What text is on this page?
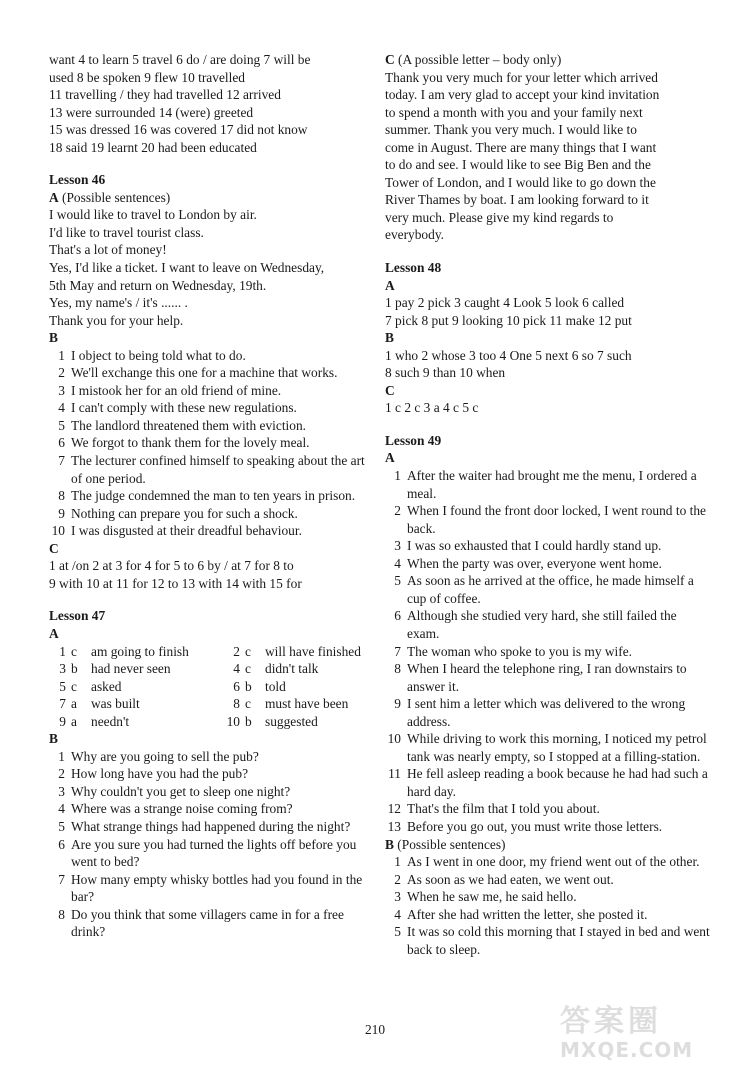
want 4 to learn 5 travel 6 do / are doing 7 will be
used 8 be spoken 9 flew 10 travelled
11 travelling / they had travelled 12 arrived
13 were surrounded 14 (were) greeted
15 was dressed 16 was covered 17 did not know
18 said 19 learnt 20 had been educated
Lesson 46
A (Possible sentences)
I would like to travel to London by air.
I'd like to travel tourist class.
That's a lot of money!
Yes, I'd like a ticket. I want to leave on Wednesday,
5th May and return on Wednesday, 19th.
Yes, my name's / it's ...... .
Thank you for your help.
B
1 I object to being told what to do.
2 We'll exchange this one for a machine that works.
3 I mistook her for an old friend of mine.
4 I can't comply with these new regulations.
5 The landlord threatened them with eviction.
6 We forgot to thank them for the lovely meal.
7 The lecturer confined himself to speaking about the art of one period.
8 The judge condemned the man to ten years in prison.
9 Nothing can prepare you for such a shock.
10 I was disgusted at their dreadful behaviour.
C
1 at /on 2 at 3 for 4 for 5 to 6 by / at 7 for 8 to
9 with 10 at 11 for 12 to 13 with 14 with 15 for
Lesson 47
A
1 c	am going to finish	2 c	will have finished
3 b had never seen	4 c	didn't talk
5 c	asked	6 b told
7 a	was built	8 c	must have been
9 a	needn't	10 b suggested
B
1 Why are you going to sell the pub?
2 How long have you had the pub?
3 Why couldn't you get to sleep one night?
4 Where was a strange noise coming from?
5 What strange things had happened during the night?
6 Are you sure you had turned the lights off before you went to bed?
7 How many empty whisky bottles had you found in the bar?
8 Do you think that some villagers came in for a free drink?
C (A possible letter – body only)
Thank you very much for your letter which arrived
today. I am very glad to accept your kind invitation
to spend a month with you and your family next
summer. Thank you very much. I would like to
come in August. There are many things that I want
to do and see. I would like to see Big Ben and the
Tower of London, and I would like to go down the
River Thames by boat. I am looking forward to it
very much. Please give my kind regards to
everybody.
Lesson 48
A
1 pay 2 pick 3 caught 4 Look 5 look 6 called
7 pick 8 put 9 looking 10 pick 11 make 12 put
B
1 who 2 whose 3 too 4 One 5 next 6 so 7 such
8 such 9 than 10 when
C
1 c 2 c 3 a 4 c 5 c
Lesson 49
A
1 After the waiter had brought me the menu, I ordered a meal.
2 When I found the front door locked, I went round to the back.
3 I was so exhausted that I could hardly stand up.
4 When the party was over, everyone went home.
5 As soon as he arrived at the office, he made himself a cup of coffee.
6 Although she studied very hard, she still failed the exam.
7 The woman who spoke to you is my wife.
8 When I heard the telephone ring, I ran downstairs to answer it.
9 I sent him a letter which was delivered to the wrong address.
10 While driving to work this morning, I noticed my petrol tank was nearly empty, so I stopped at a filling-station.
11 He fell asleep reading a book because he had had such a hard day.
12 That's the film that I told you about.
13 Before you go out, you must write those letters.
B (Possible sentences)
1 As I went in one door, my friend went out of the other.
2 As soon as we had eaten, we went out.
3 When he saw me, he said hello.
4 After she had written the letter, she posted it.
5 It was so cold this morning that I stayed in bed and went back to sleep.
210	答案圈
MXQE.COM
